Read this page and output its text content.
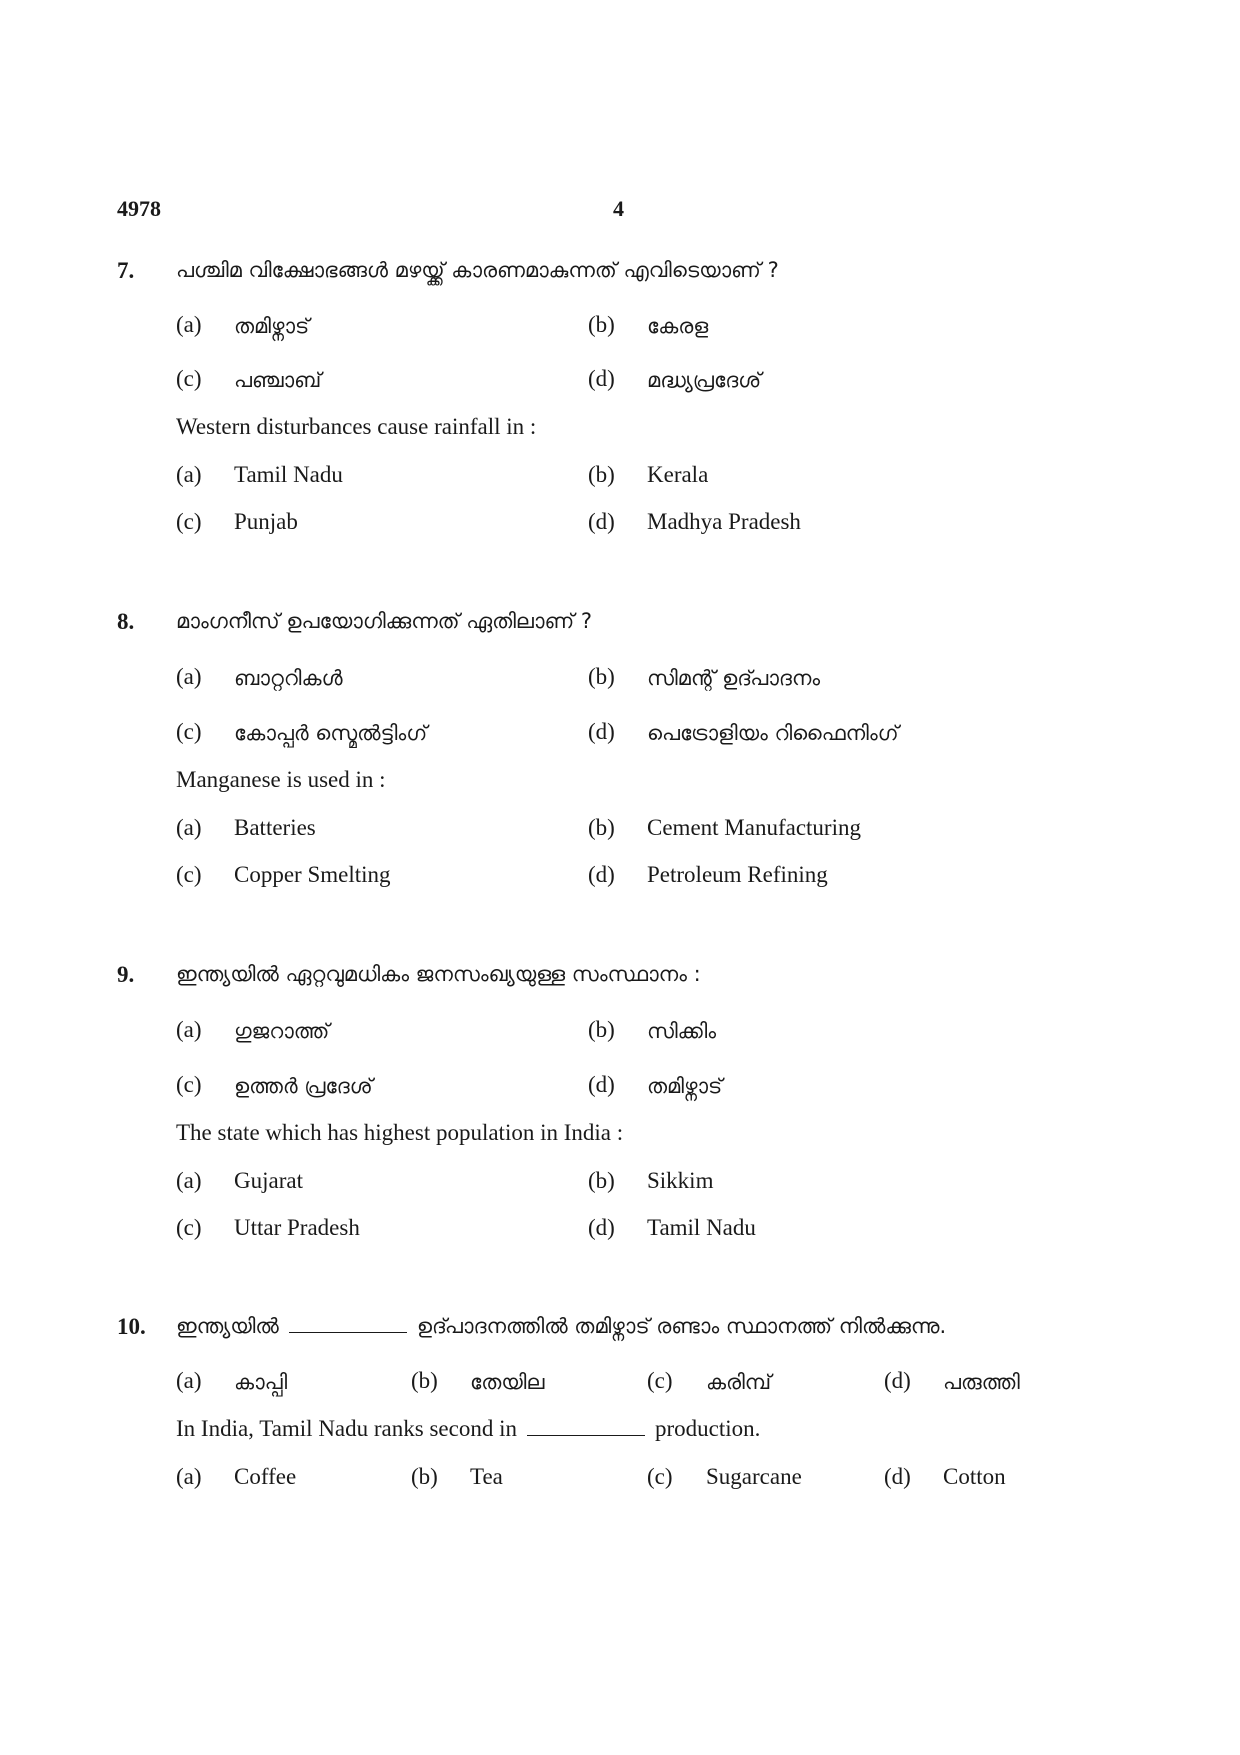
4978	4
7. പശ്ചിമ വിക്ഷോഭങ്ങൾ മഴയ്ക്ക് കാരണമാകുന്നത് എവിടെയാണ് ?
(a) തമിഴ്നാട്	(b) കേരള
(c) പഞ്ചാബ്	(d) മദ്ധ്യപ്രദേശ്
Western disturbances cause rainfall in :
(a) Tamil Nadu	(b) Kerala
(c) Punjab	(d) Madhya Pradesh
8. മാംഗനീസ് ഉപയോഗിക്കുന്നത് ഏതിലാണ് ?
(a) ബാറ്ററികൾ	(b) സിമന്റ് ഉദ്പാദനം
(c) കോപ്പർ സ്മെൽട്ടിംഗ്	(d) പെട്രോളിയം റിഫൈനിംഗ്
Manganese is used in :
(a) Batteries	(b) Cement Manufacturing
(c) Copper Smelting	(d) Petroleum Refining
9. ഇന്ത്യയിൽ ഏറ്റവുമധികം ജനസംഖ്യയുള്ള സംസ്ഥാനം :
(a) ഗുജറാത്ത്	(b) സിക്കിം
(c) ഉത്തർ പ്രദേശ്	(d) തമിഴ്നാട്
The state which has highest population in India :
(a) Gujarat	(b) Sikkim
(c) Uttar Pradesh	(d) Tamil Nadu
10. ഇന്ത്യയിൽ	ഉദ്പാദനത്തിൽ തമിഴ്നാട് രണ്ടാം സ്ഥാനത്ത് നിൽക്കുന്നു.
(a) കാപ്പി	(b) തേയില	(c) കരിമ്പ്	(d) പരുത്തി
In India, Tamil Nadu ranks second in	production.
(a) Coffee	(b) Tea	(c) Sugarcane	(d) Cotton
